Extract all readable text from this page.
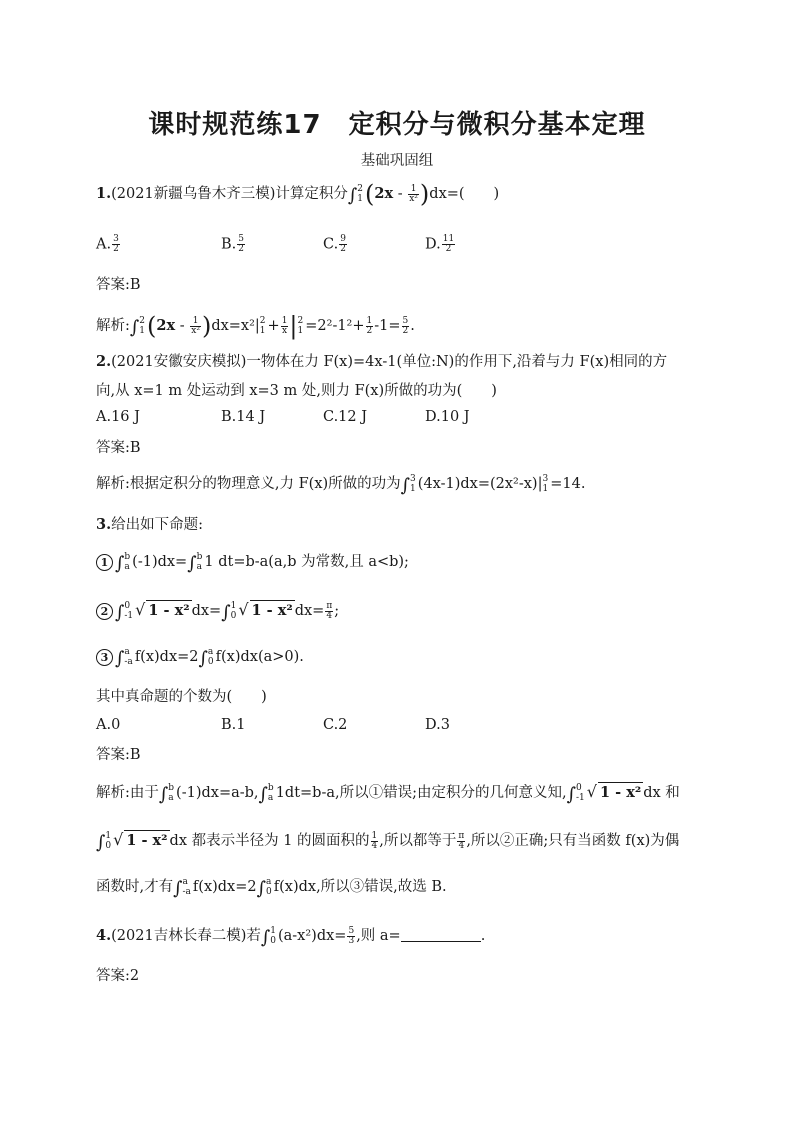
课时规范练17　定积分与微积分基本定理
基础巩固组
1.(2021新疆乌鲁木齐三模)计算定积分∫ 2
1 $(2x - \frac{1}{\text{x²}} )dx=$(　　)
A. $\frac{3}{2}$	B. $\frac{5}{2}$	C. $\frac{9}{2}$	D. $\frac{11}{2}$
答案:B
解析:∫ 2
1 $(2x - \frac{1}{\text{x²}} )dx=x^2|$ 2
$1 + \frac{1}{x}$ | 2
$1 =2^2-1^2+ \frac{1}{2} -1= \frac{5}{2}$ .
2.(2021安徽安庆模拟)一物体在力 F(x)=4x-1(单位:N)的作用下,沿着与力 F(x)相同的方
向,从 x=1 m 处运动到 x=3 m 处,则力 F(x)所做的功为(　　)
A.16 J	B.14 J	C.12 J	D.10 J
答案:B
解析:根据定积分的物理意义,力 F(x)所做的功为∫ 3
1 (4x-1)dx=(2x²-x)| 3
1 =14.
3.给出如下命题:
1 ∫ b
a (-1)dx=∫ b
a 1 dt=b-a(a,b 为常数,且 a<b);
2 ∫ 0
-1 √ 1 - x² dx=∫ 1
0 √ 1 - x² $dx= \frac{\pi}{4}$ ;
3 ∫ a
-a f(x)dx=2∫ a
0 f(x)dx(a>0).
其中真命题的个数为(　　)
A.0	B.1	C.2	D.3
答案:B
解析:由于∫ b
a (-1)dx=a-b,∫ b
a 1dt=b-a,所以①错误;由定积分的几何意义知,∫ 0
-1 √ 1 - x² dx 和
∫ 1
0 √ 1 - x² dx 都表示半径为 1 的圆面积的 $\frac{1}{4}$ ,所以都等于 $\frac{\pi}{4}$ ,所以②正确;只有当函数 f(x)为偶
函数时,才有∫ a
-a f(x)dx=2∫ a
0 f(x)dx,所以③错误,故选 B.
4.(2021吉林长春二模)若∫ 1
0 $(a-x^2)dx= \frac{5}{3}$ ,则 a=	.
答案:2
